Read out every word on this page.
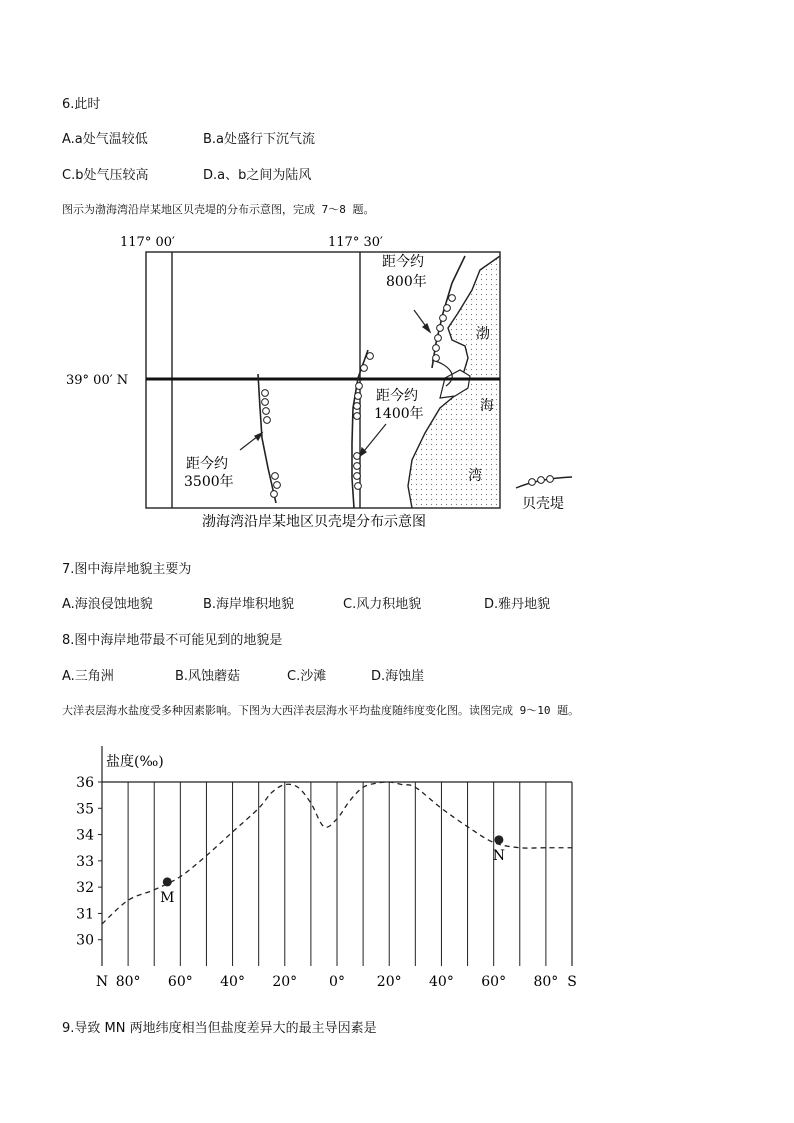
6.此时
A.a处气温较低	B.a处盛行下沉气流
C.b处气压较高	D.a、b之间为陆风
图示为渤海湾沿岸某地区贝壳堤的分布示意图，完成 7～8 题。
117° 00′	117° 30′
39° 00′ N
距今约
800年
距今约
1400年
距今约
3500年
渤
海
湾
贝壳堤
渤海湾沿岸某地区贝壳堤分布示意图
7.图中海岸地貌主要为
A.海浪侵蚀地貌	B.海岸堆积地貌	C.风力积地貌	D.雅丹地貌
8.图中海岸地带最不可能见到的地貌是
A.三角洲	B.风蚀蘑菇	C.沙滩	D.海蚀崖
大洋表层海水盐度受多种因素影响。下图为大西洋表层海水平均盐度随纬度变化图。读图完成 9～10 题。
36
35
34
33
32
31
30
N 80° 60° 40° 20° 0° 20° 40° 60° 80° S
M
N
盐度(‰)
9.导致 MN 两地纬度相当但盐度差异大的最主导因素是
